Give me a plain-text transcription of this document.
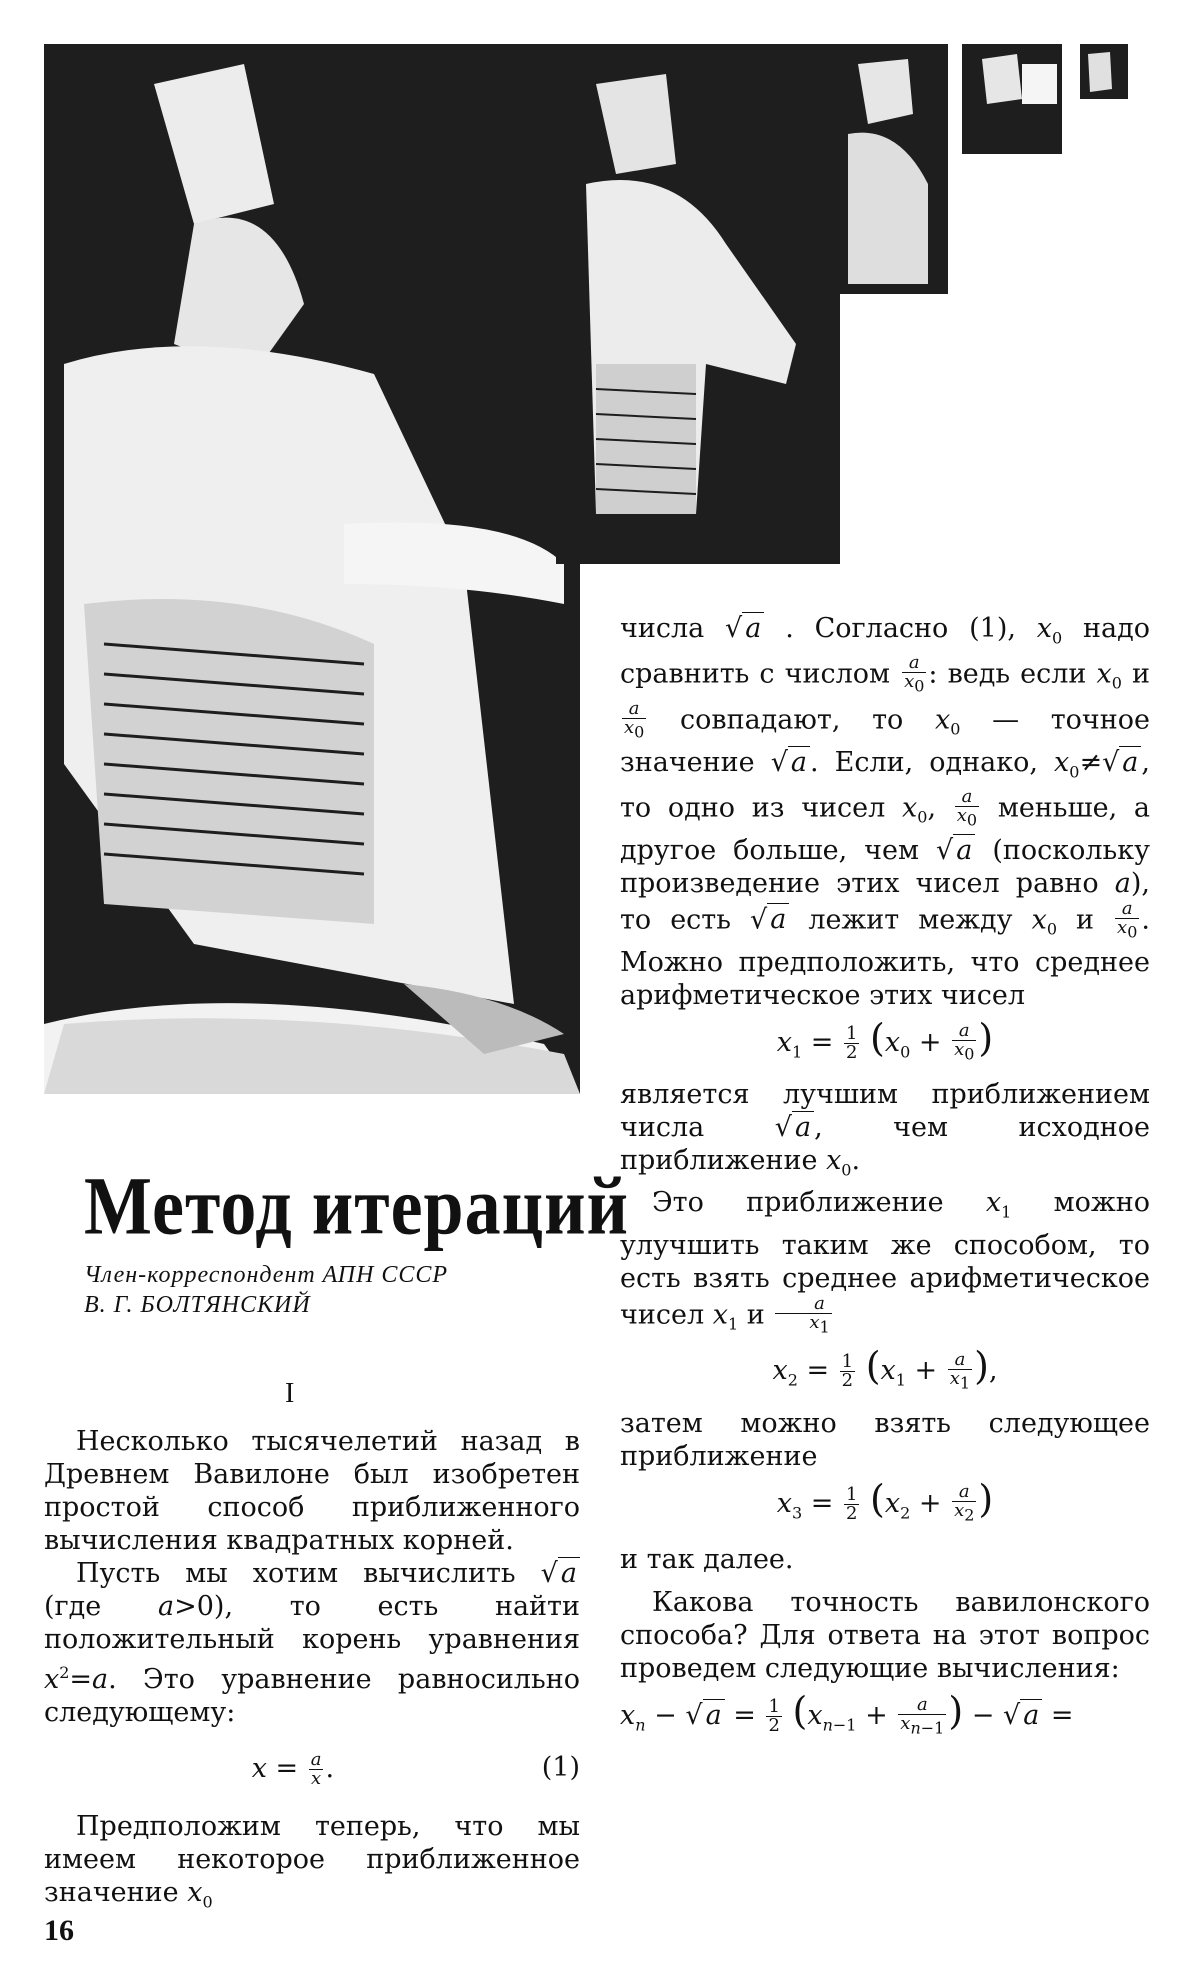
числа √ a . Согласно (1), $x_0$ надо сравнить с числом $\frac{a}{x_0}$ : ведь если $x_0$ и
$\frac{a}{x_0}$ совпадают, то $x_0$ — точное значение √ a . Если, однако, $x_0\ne√$ a , то одно из чисел $x_0$, $\frac{a}{x_0}$ меньше, а другое больше, чем √ a (поскольку произведение этих чисел равно a), то есть √ a лежит между $x_0$ и $\frac{a}{x_0}$ . Можно предположить, что среднее арифметическое этих чисел

$x_1 = \frac{1}{2} (x_0 + \frac{a}{x_0}$ )

является лучшим приближением числа	√ a , чем исходное приближение $x_0$.

Это приближение $x_1$ можно улучшить таким же способом, то есть взять среднее арифметическое чисел $x_1$ и $\frac{a}{x_1}$

$x_2 = \frac{1}{2} (x_1 + \frac{a}{x_1}$ ),

затем можно взять следующее приближение

$x_3 = \frac{1}{2} (x_2 + \frac{a}{x_2}$ )

и так далее.

Какова точность вавилонского способа? Для ответа на этот вопрос проведем следующие вычисления:

$x_n$ − √ $a = \frac{1}{2} (x_{n-1} + \frac{a}{x_{n-1}}$ ) − √ a =
Метод итераций
Член-корреспондент АПН СССР
В. Г. БОЛТЯНСКИЙ
I

Несколько тысячелетий назад в Древнем Вавилоне был изобретен простой способ приближенного вычисления квадратных корней.

Пусть мы хотим вычислить √ a (где a>0), то есть найти положительный корень уравнения $x^2=a$. Это уравнение равносильно следующему:

$x = \frac{a}{x}$ .	(1)

Предположим теперь, что мы имеем некоторое приближенное значение $x_0$

16
